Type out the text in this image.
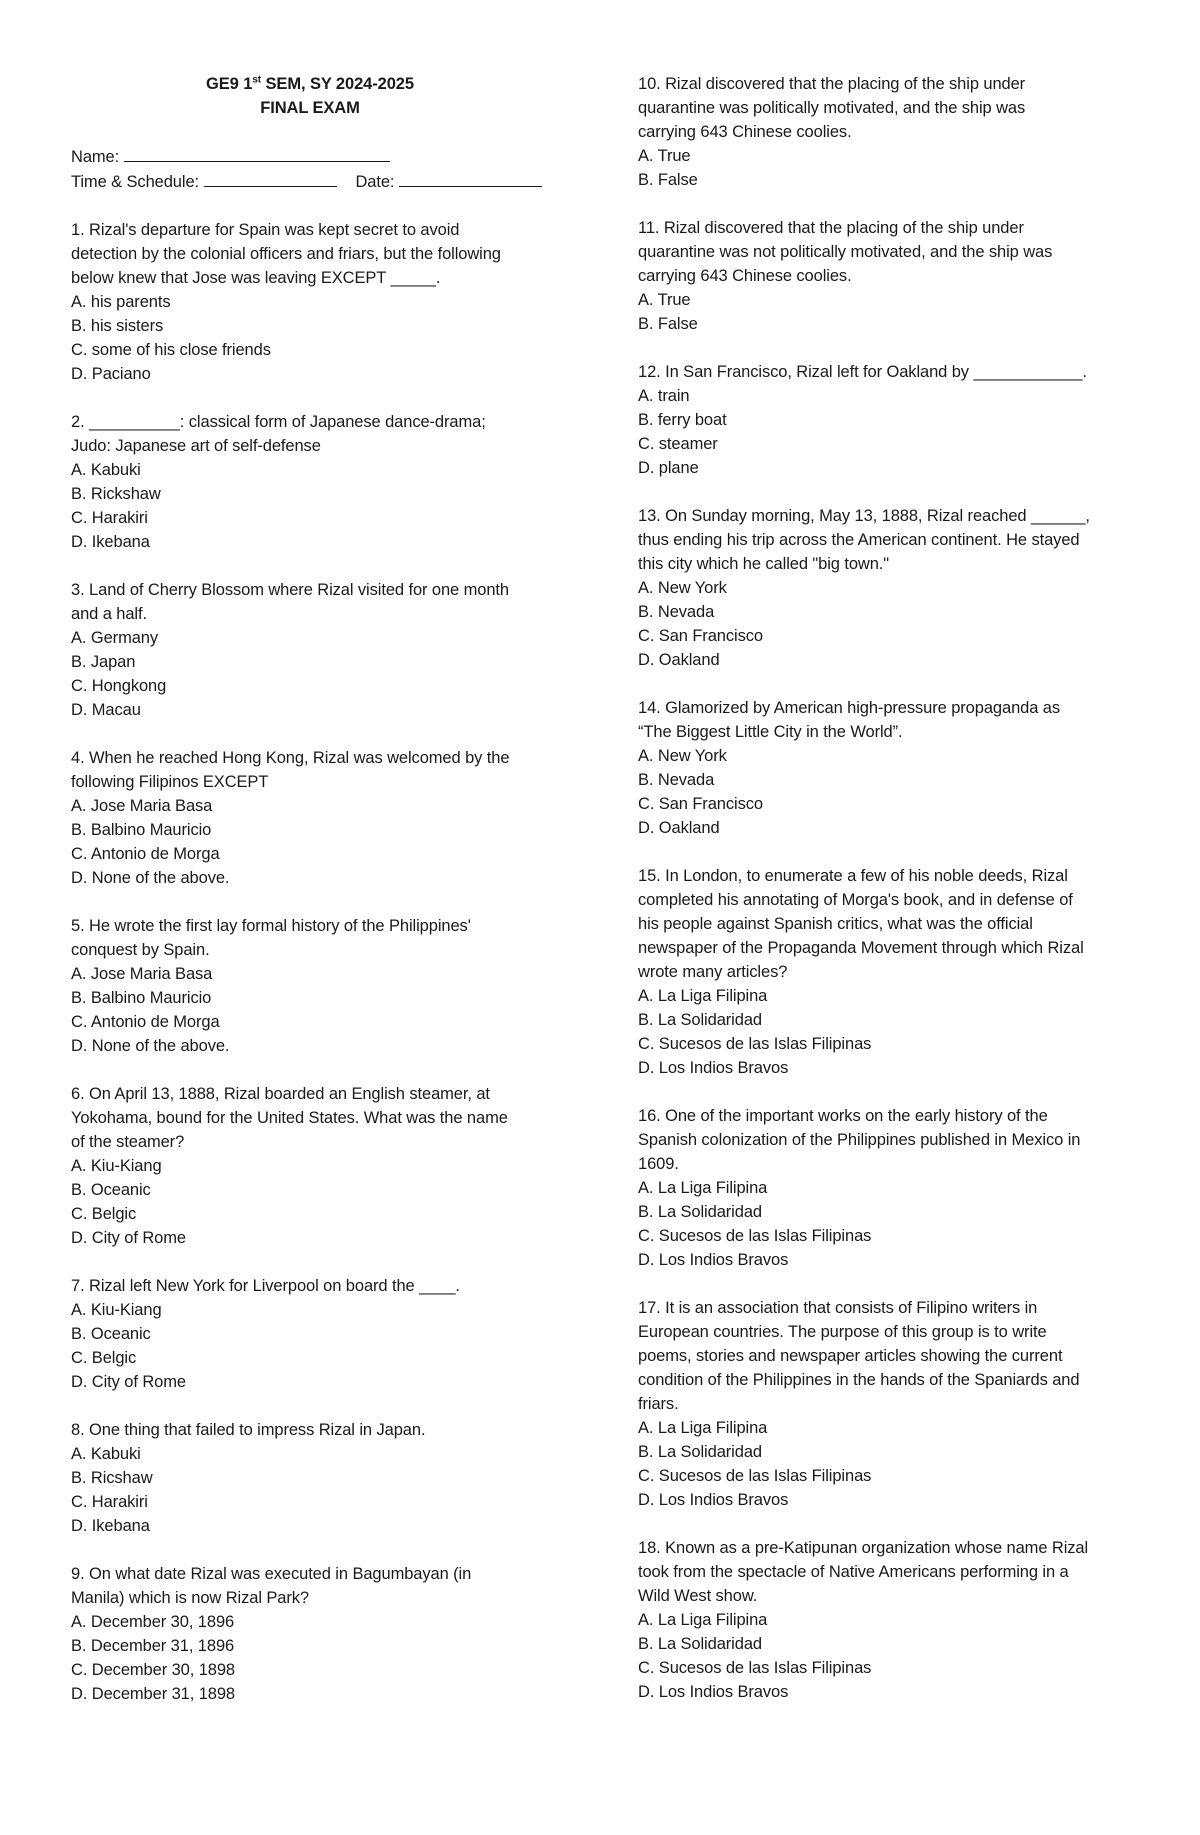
GE9 1st SEM, SY 2024-2025
FINAL EXAM
Name:
Time & Schedule:	Date:
1. Rizal's departure for Spain was kept secret to avoid
detection by the colonial officers and friars, but the following
below knew that Jose was leaving EXCEPT _____.
A. his parents
B. his sisters
C. some of his close friends
D. Paciano
2. __________: classical form of Japanese dance-drama;
Judo: Japanese art of self-defense
A. Kabuki
B. Rickshaw
C. Harakiri
D. Ikebana
3. Land of Cherry Blossom where Rizal visited for one month
and a half.
A. Germany
B. Japan
C. Hongkong
D. Macau
4. When he reached Hong Kong, Rizal was welcomed by the
following Filipinos EXCEPT
A. Jose Maria Basa
B. Balbino Mauricio
C. Antonio de Morga
D. None of the above.
5. He wrote the first lay formal history of the Philippines'
conquest by Spain.
A. Jose Maria Basa
B. Balbino Mauricio
C. Antonio de Morga
D. None of the above.
6. On April 13, 1888, Rizal boarded an English steamer, at
Yokohama, bound for the United States. What was the name
of the steamer?
A. Kiu-Kiang
B. Oceanic
C. Belgic
D. City of Rome
7. Rizal left New York for Liverpool on board the ____.
A. Kiu-Kiang
B. Oceanic
C. Belgic
D. City of Rome
8. One thing that failed to impress Rizal in Japan.
A. Kabuki
B. Ricshaw
C. Harakiri
D. Ikebana
9. On what date Rizal was executed in Bagumbayan (in
Manila) which is now Rizal Park?
A. December 30, 1896
B. December 31, 1896
C. December 30, 1898
D. December 31, 1898
10. Rizal discovered that the placing of the ship under
quarantine was politically motivated, and the ship was
carrying 643 Chinese coolies.
A. True
B. False
11. Rizal discovered that the placing of the ship under
quarantine was not politically motivated, and the ship was
carrying 643 Chinese coolies.
A. True
B. False
12. In San Francisco, Rizal left for Oakland by ____________.
A. train
B. ferry boat
C. steamer
D. plane
13. On Sunday morning, May 13, 1888, Rizal reached ______,
thus ending his trip across the American continent. He stayed
this city which he called "big town."
A. New York
B. Nevada
C. San Francisco
D. Oakland
14. Glamorized by American high-pressure propaganda as
“The Biggest Little City in the World”.
A. New York
B. Nevada
C. San Francisco
D. Oakland
15. In London, to enumerate a few of his noble deeds, Rizal
completed his annotating of Morga's book, and in defense of
his people against Spanish critics, what was the official
newspaper of the Propaganda Movement through which Rizal
wrote many articles?
A. La Liga Filipina
B. La Solidaridad
C. Sucesos de las Islas Filipinas
D. Los Indios Bravos
16. One of the important works on the early history of the
Spanish colonization of the Philippines published in Mexico in
1609.
A. La Liga Filipina
B. La Solidaridad
C. Sucesos de las Islas Filipinas
D. Los Indios Bravos
17. It is an association that consists of Filipino writers in
European countries. The purpose of this group is to write
poems, stories and newspaper articles showing the current
condition of the Philippines in the hands of the Spaniards and
friars.
A. La Liga Filipina
B. La Solidaridad
C. Sucesos de las Islas Filipinas
D. Los Indios Bravos
18. Known as a pre-Katipunan organization whose name Rizal
took from the spectacle of Native Americans performing in a
Wild West show.
A. La Liga Filipina
B. La Solidaridad
C. Sucesos de las Islas Filipinas
D. Los Indios Bravos
